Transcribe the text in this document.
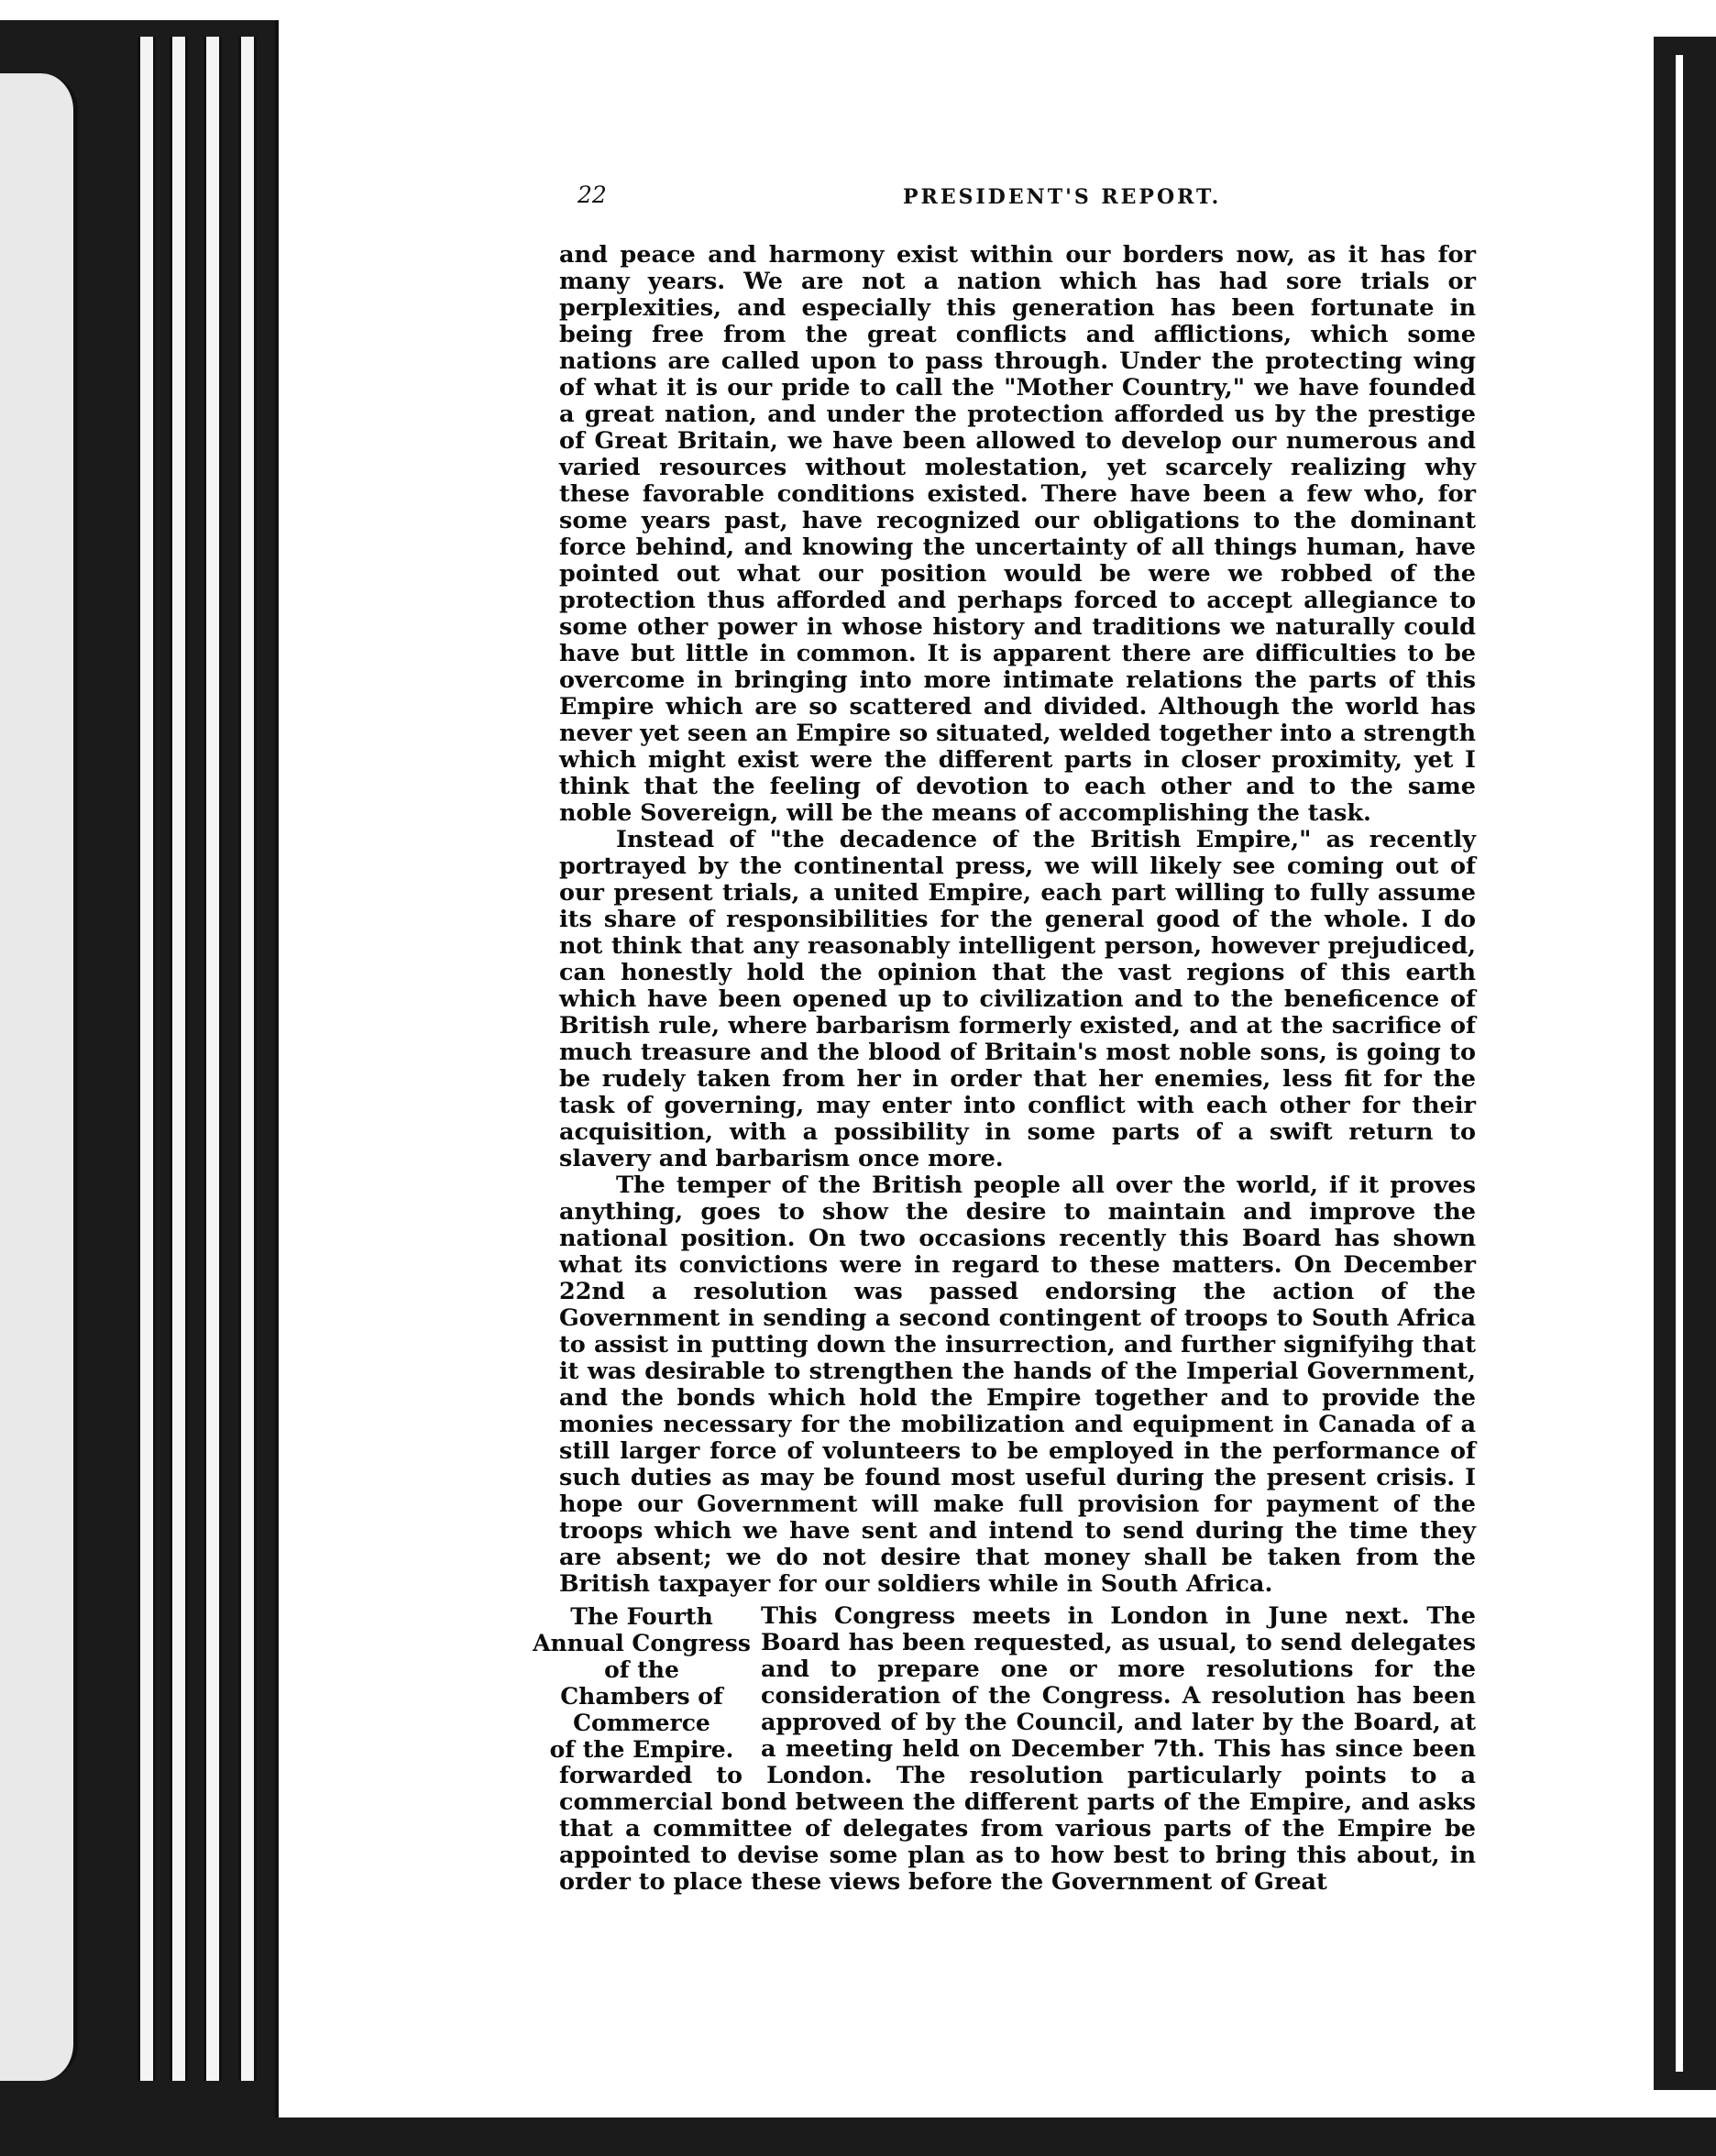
22	PRESIDENT'S REPORT.

and peace and harmony exist within our borders now, as it has for many years. We are not a nation which has had sore trials or perplexities, and especially this generation has been fortunate in being free from the great conflicts and afflictions, which some nations are called upon to pass through. Under the protecting wing of what it is our pride to call the "Mother Country," we have founded a great nation, and under the protection afforded us by the prestige of Great Britain, we have been allowed to develop our numerous and varied resources without molestation, yet scarcely realizing why these favorable conditions existed. There have been a few who, for some years past, have recognized our obligations to the dominant force behind, and knowing the uncertainty of all things human, have pointed out what our position would be were we robbed of the protection thus afforded and perhaps forced to accept allegiance to some other power in whose history and traditions we naturally could have but little in common. It is apparent there are difficulties to be overcome in bringing into more intimate relations the parts of this Empire which are so scattered and divided. Although the world has never yet seen an Empire so situated, welded together into a strength which might exist were the different parts in closer proximity, yet I think that the feeling of devotion to each other and to the same noble Sovereign, will be the means of accomplishing the task.

Instead of "the decadence of the British Empire," as recently portrayed by the continental press, we will likely see coming out of our present trials, a united Empire, each part willing to fully assume its share of responsibilities for the general good of the whole. I do not think that any reasonably intelligent person, however prejudiced, can honestly hold the opinion that the vast regions of this earth which have been opened up to civilization and to the beneficence of British rule, where barbarism formerly existed, and at the sacrifice of much treasure and the blood of Britain's most noble sons, is going to be rudely taken from her in order that her enemies, less fit for the task of governing, may enter into conflict with each other for their acquisition, with a possibility in some parts of a swift return to slavery and barbarism once more.

The temper of the British people all over the world, if it proves anything, goes to show the desire to maintain and improve the national position. On two occasions recently this Board has shown what its convictions were in regard to these matters. On December 22nd a resolution was passed endorsing the action of the Government in sending a second contingent of troops to South Africa to assist in putting down the insurrection, and further signifyihg that it was desirable to strengthen the hands of the Imperial Government, and the bonds which hold the Empire together and to provide the monies necessary for the mobilization and equipment in Canada of a still larger force of volunteers to be employed in the performance of such duties as may be found most useful during the present crisis. I hope our Government will make full provision for payment of the troops which we have sent and intend to send during the time they are absent; we do not desire that money shall be taken from the British taxpayer for our soldiers while in South Africa.

The Fourth
Annual Congress
of the
Chambers of
Commerce
of the Empire.

This Congress meets in London in June next. The Board has been requested, as usual, to send delegates and to prepare one or more resolutions for the consideration of the Congress. A resolution has been approved of by the Council, and later by the Board, at a meeting held on December 7th. This has since been forwarded to London. The resolution particularly points to a commercial bond between the different parts of the Empire, and asks that a committee of delegates from various parts of the Empire be appointed to devise some plan as to how best to bring this about, in order to place these views before the Government of Great
